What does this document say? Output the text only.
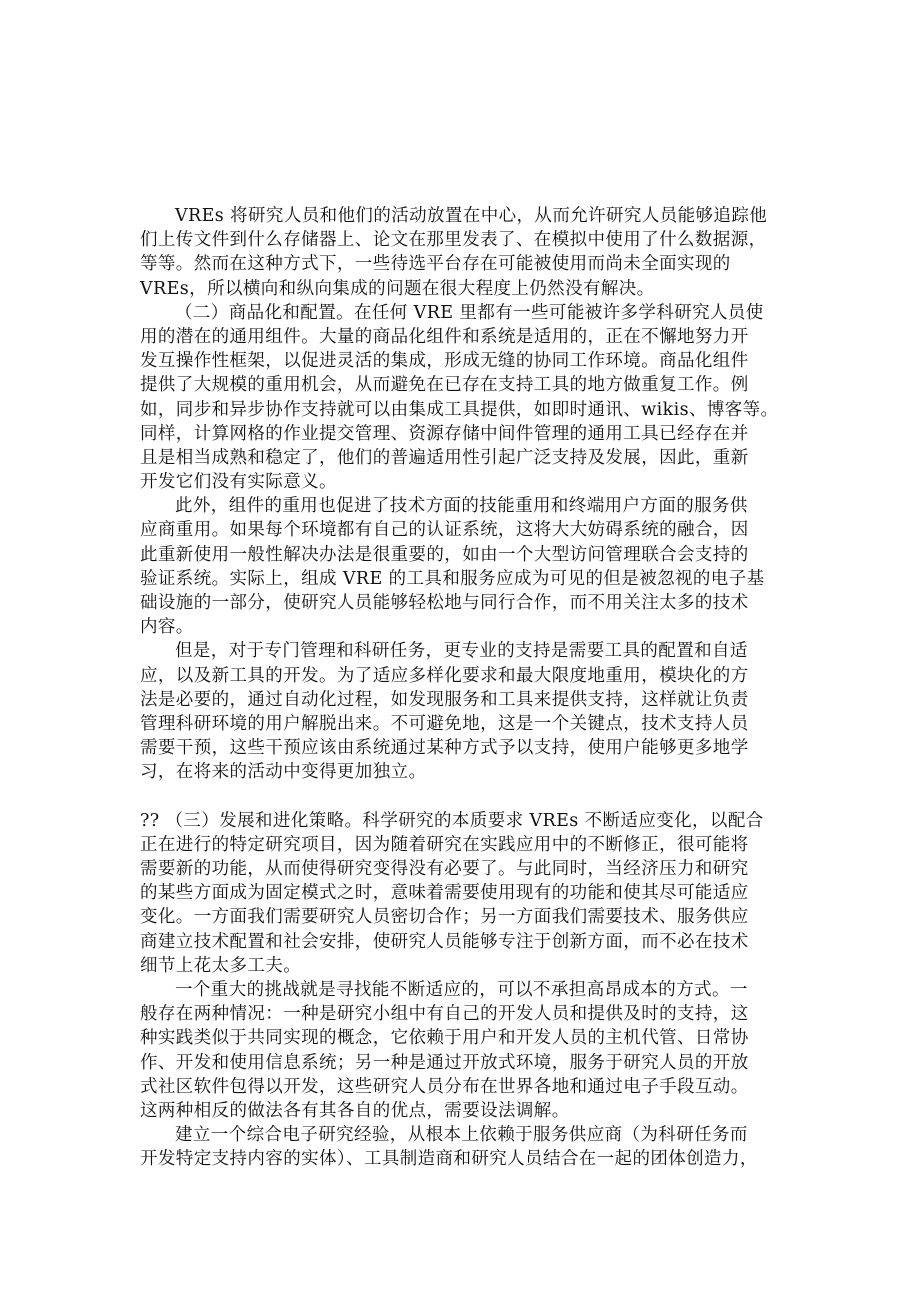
VREs 将研究人员和他们的活动放置在中心，从而允许研究人员能够追踪他
们上传文件到什么存储器上、论文在那里发表了、在模拟中使用了什么数据源，
等等。然而在这种方式下，一些待选平台存在可能被使用而尚未全面实现的
VREs，所以横向和纵向集成的问题在很大程度上仍然没有解决。
（二）商品化和配置。在任何 VRE 里都有一些可能被许多学科研究人员使
用的潜在的通用组件。大量的商品化组件和系统是适用的，正在不懈地努力开
发互操作性框架，以促进灵活的集成，形成无缝的协同工作环境。商品化组件
提供了大规模的重用机会，从而避免在已存在支持工具的地方做重复工作。例
如，同步和异步协作支持就可以由集成工具提供，如即时通讯、wikis、博客等。
同样，计算网格的作业提交管理、资源存储中间件管理的通用工具已经存在并
且是相当成熟和稳定了，他们的普遍适用性引起广泛支持及发展，因此，重新
开发它们没有实际意义。
此外，组件的重用也促进了技术方面的技能重用和终端用户方面的服务供
应商重用。如果每个环境都有自己的认证系统，这将大大妨碍系统的融合，因
此重新使用一般性解决办法是很重要的，如由一个大型访问管理联合会支持的
验证系统。实际上，组成 VRE 的工具和服务应成为可见的但是被忽视的电子基
础设施的一部分，使研究人员能够轻松地与同行合作，而不用关注太多的技术
内容。
但是，对于专门管理和科研任务，更专业的支持是需要工具的配置和自适
应，以及新工具的开发。为了适应多样化要求和最大限度地重用，模块化的方
法是必要的，通过自动化过程，如发现服务和工具来提供支持，这样就让负责
管理科研环境的用户解脱出来。不可避免地，这是一个关键点，技术支持人员
需要干预，这些干预应该由系统通过某种方式予以支持，使用户能够更多地学
习，在将来的活动中变得更加独立。
?? （三）发展和进化策略。科学研究的本质要求 VREs 不断适应变化，以配合
正在进行的特定研究项目，因为随着研究在实践应用中的不断修正，很可能将
需要新的功能，从而使得研究变得没有必要了。与此同时，当经济压力和研究
的某些方面成为固定模式之时，意味着需要使用现有的功能和使其尽可能适应
变化。一方面我们需要研究人员密切合作；另一方面我们需要技术、服务供应
商建立技术配置和社会安排，使研究人员能够专注于创新方面，而不必在技术
细节上花太多工夫。
一个重大的挑战就是寻找能不断适应的，可以不承担高昂成本的方式。一
般存在两种情况：一种是研究小组中有自己的开发人员和提供及时的支持，这
种实践类似于共同实现的概念，它依赖于用户和开发人员的主机代管、日常协
作、开发和使用信息系统；另一种是通过开放式环境，服务于研究人员的开放
式社区软件包得以开发，这些研究人员分布在世界各地和通过电子手段互动。
这两种相反的做法各有其各自的优点，需要设法调解。
建立一个综合电子研究经验，从根本上依赖于服务供应商（为科研任务而
开发特定支持内容的实体）、工具制造商和研究人员结合在一起的团体创造力，
